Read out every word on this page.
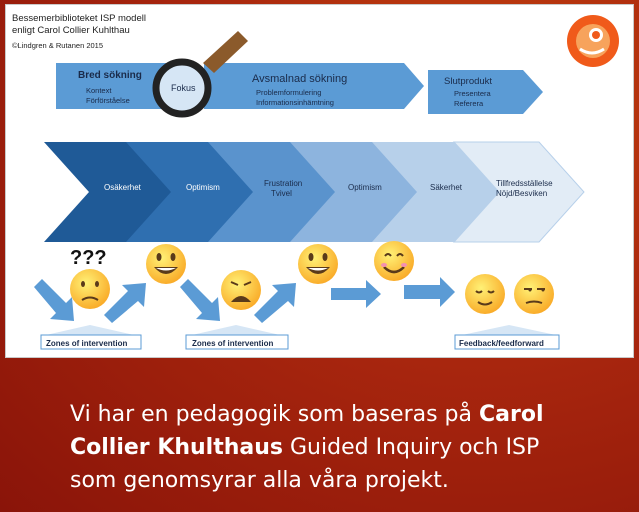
Bessemerbiblioteket ISP modell
enligt Carol Collier Kuhlthau
©Lindgren & Rutanen 2015
Bred sökning
Kontext
Förförståelse
Avsmalnad sökning
Problemformulering
Informationsinhämtning
Slutprodukt
Presentera
Referera
Fokus
Osäkerhet	Optimism	Frustration
Tvivel
Optimism	Säkerhet	Tillfredsställelse
Nöjd/Besviken
???
Zones of intervention	Zones of intervention	Feedback/feedforward
Vi har en pedagogik som baseras på Carol Collier Khulthaus Guided Inquiry och ISP som genomsyrar alla våra projekt.
